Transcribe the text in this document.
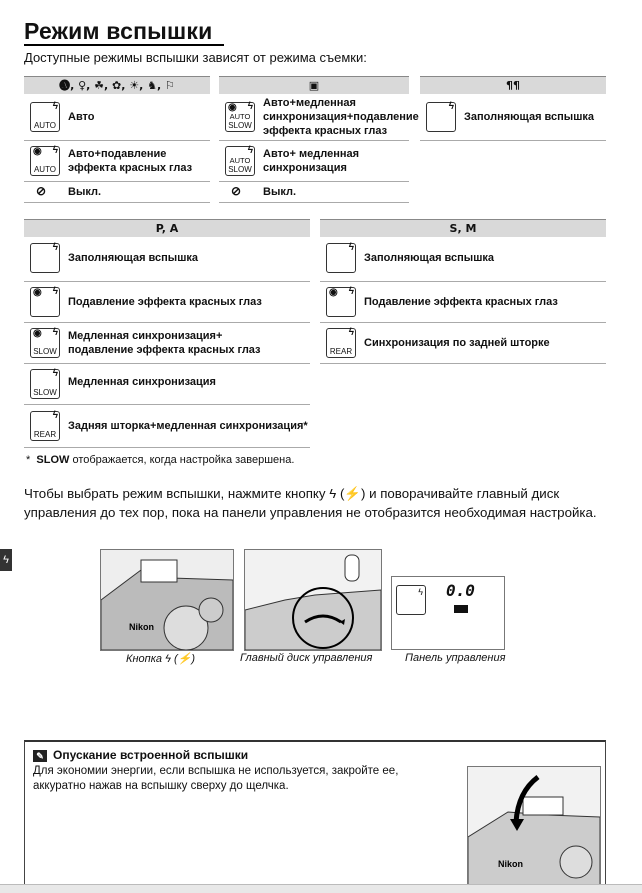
Режим вспышки
Доступные режимы вспышки зависят от режима съемки:
🅐, ♀, ☘, ✿, ☀, ♞, ⚐
ϟ
AUTO
Авто
◉ ϟ
AUTO
Авто+подавление эффекта красных глаз
⊘ Выкл.
▣
◉ ϟ
AUTO
SLOW
Авто+медленная синхронизация+подавление эффекта красных глаз
ϟ
AUTO
SLOW
Авто+ медленная синхронизация
⊘ Выкл.
¶¶
ϟ
Заполняющая вспышка
P, A
ϟ
Заполняющая вспышка
◉ ϟ
Подавление эффекта красных глаз
◉ ϟ
SLOW
Медленная синхронизация+ подавление эффекта красных глаз
ϟ
SLOW
Медленная синхронизация
ϟ
REAR
Задняя шторка+медленная синхронизация*
S, M
ϟ
Заполняющая вспышка
◉ ϟ
Подавление эффекта красных глаз
ϟ
REAR
Синхронизация по задней шторке
* SLOW отображается, когда настройка завершена.
Чтобы выбрать режим вспышки, нажмите кнопку ϟ (⚡) и поворачивайте главный диск управления до тех пор, пока на панели управления не отобразится необходимая настройка.
ϟ
Nikon
ϟ 0.0
Кнопка ϟ (⚡)	Главный диск управления	Панель управления
✎ Опускание встроенной вспышки
Для экономии энергии, если вспышка не используется, закройте ее, аккуратно нажав на вспышку сверху до щелчка.
Nikon
